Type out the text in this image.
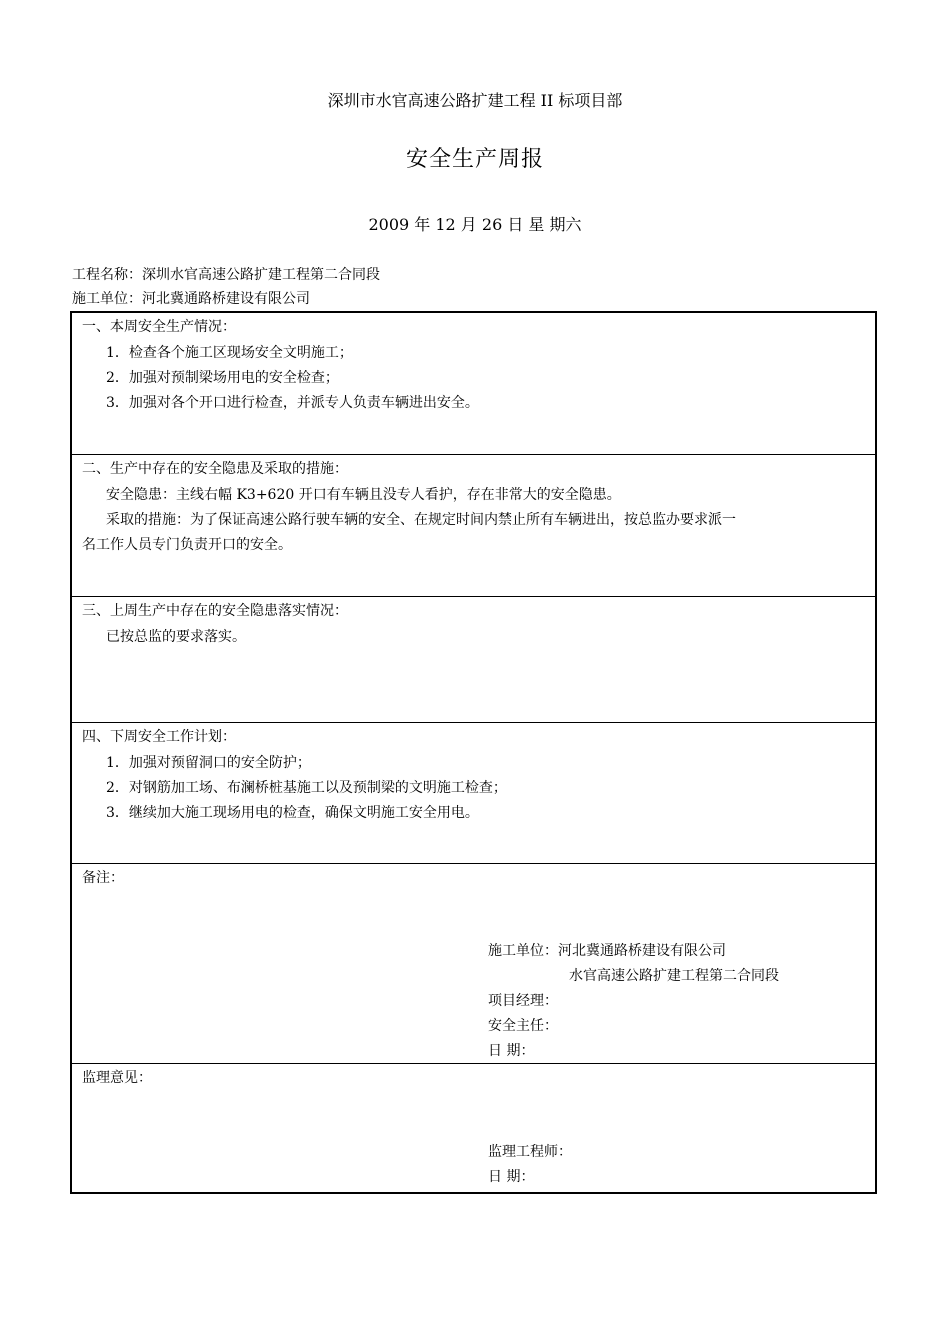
深圳市水官高速公路扩建工程 II 标项目部
安全生产周报
2009 年 12 月 26 日 星 期六
工程名称：深圳水官高速公路扩建工程第二合同段
施工单位：河北冀通路桥建设有限公司
一、本周安全生产情况：
1．检查各个施工区现场安全文明施工；
2．加强对预制梁场用电的安全检查；
3．加强对各个开口进行检查，并派专人负责车辆进出安全。
二、生产中存在的安全隐患及采取的措施：
安全隐患：主线右幅 K3+620 开口有车辆且没专人看护，存在非常大的安全隐患。
采取的措施：为了保证高速公路行驶车辆的安全、在规定时间内禁止所有车辆进出，按总监办要求派一
名工作人员专门负责开口的安全。
三、上周生产中存在的安全隐患落实情况：
已按总监的要求落实。
四、下周安全工作计划：
1．加强对预留洞口的安全防护；
2．对钢筋加工场、布澜桥桩基施工以及预制梁的文明施工检查；
3．继续加大施工现场用电的检查，确保文明施工安全用电。
备注：
施工单位：河北冀通路桥建设有限公司
水官高速公路扩建工程第二合同段
项目经理：
安全主任：
日 期：
监理意见：
监理工程师：
日 期：
